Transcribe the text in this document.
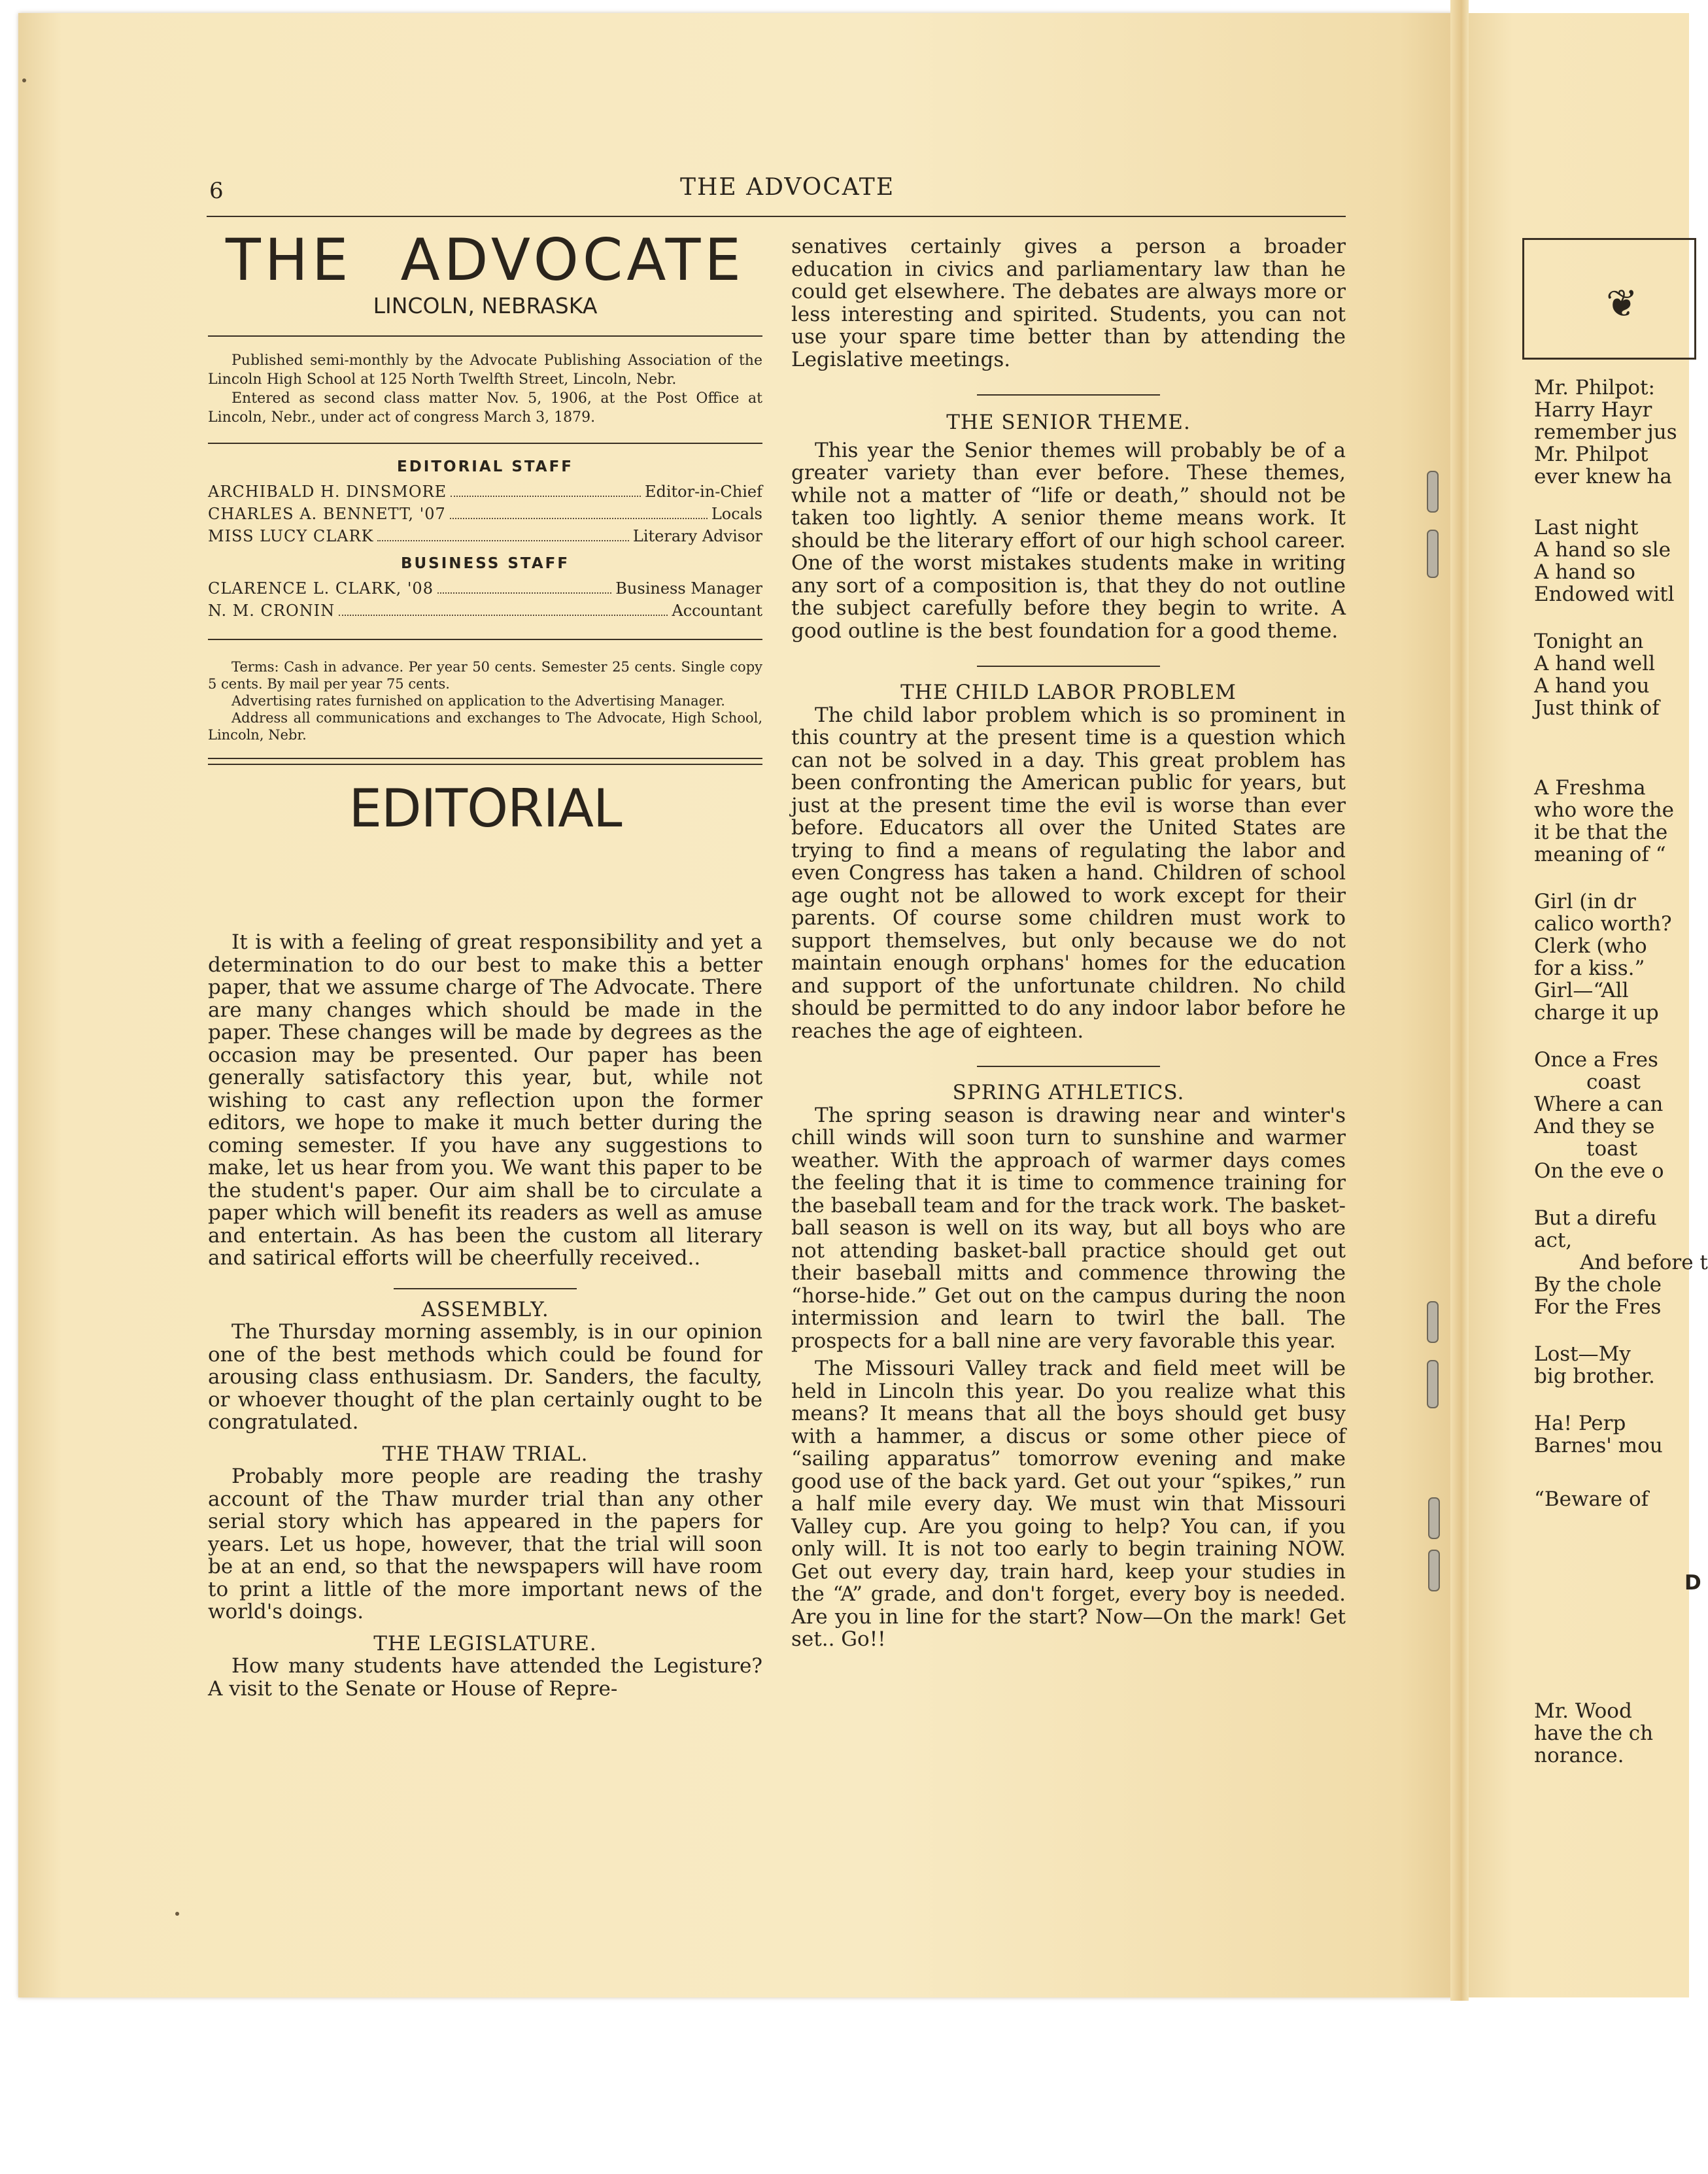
6	THE ADVOCATE
THE ADVOCATE
LINCOLN, NEBRASKA

Published semi-monthly by the Advocate Publishing Association of the Lincoln High School at 125 North Twelfth Street, Lincoln, Nebr.

Entered as second class matter Nov. 5, 1906, at the Post Office at Lincoln, Nebr., under act of congress March 3, 1879.

EDITORIAL STAFF
ARCHIBALD H. DINSMORE	Editor-in-Chief
CHARLES A. BENNETT, '07	Locals
MISS LUCY CLARK	Literary Advisor
BUSINESS STAFF
CLARENCE L. CLARK, '08	Business Manager
N. M. CRONIN	Accountant

Terms: Cash in advance. Per year 50 cents. Semester 25 cents. Single copy 5 cents. By mail per year 75 cents.

Advertising rates furnished on application to the Advertising Manager.

Address all communications and exchanges to The Advocate, High School, Lincoln, Nebr.

EDITORIAL

It is with a feeling of great responsibility and yet a determination to do our best to make this a better paper, that we assume charge of The Advocate. There are many changes which should be made in the paper. These changes will be made by degrees as the occasion may be presented. Our paper has been generally satisfactory this year, but, while not wishing to cast any reflection upon the former editors, we hope to make it much better during the coming semester. If you have any suggestions to make, let us hear from you. We want this paper to be the student's paper. Our aim shall be to circulate a paper which will benefit its readers as well as amuse and entertain. As has been the custom all literary and satirical efforts will be cheerfully received..

ASSEMBLY.

The Thursday morning assembly, is in our opinion one of the best methods which could be found for arousing class enthusiasm. Dr. Sanders, the faculty, or whoever thought of the plan certainly ought to be congratulated.

THE THAW TRIAL.

Probably more people are reading the trashy account of the Thaw murder trial than any other serial story which has appeared in the papers for years. Let us hope, however, that the trial will soon be at an end, so that the newspapers will have room to print a little of the more important news of the world's doings.

THE LEGISLATURE.

How many students have attended the Legisture? A visit to the Senate or House of Repre-

senatives certainly gives a person a broader education in civics and parliamentary law than he could get elsewhere. The debates are always more or less interesting and spirited. Students, you can not use your spare time better than by attending the Legislative meetings.

THE SENIOR THEME.

This year the Senior themes will probably be of a greater variety than ever before. These themes, while not a matter of “life or death,” should not be taken too lightly. A senior theme means work. It should be the literary effort of our high school career. One of the worst mistakes students make in writing any sort of a composition is, that they do not outline the subject carefully before they begin to write. A good outline is the best foundation for a good theme.

THE CHILD LABOR PROBLEM

The child labor problem which is so prominent in this country at the present time is a question which can not be solved in a day. This great problem has been confronting the American public for years, but just at the present time the evil is worse than ever before. Educators all over the United States are trying to find a means of regulating the labor and even Congress has taken a hand. Children of school age ought not be allowed to work except for their parents. Of course some children must work to support themselves, but only because we do not maintain enough orphans' homes for the education and support of the unfortunate children. No child should be permitted to do any indoor labor before he reaches the age of eighteen.

SPRING ATHLETICS.

The spring season is drawing near and winter's chill winds will soon turn to sunshine and warmer weather. With the approach of warmer days comes the feeling that it is time to commence training for the baseball team and for the track work. The basket-ball season is well on its way, but all boys who are not attending basket-ball practice should get out their baseball mitts and commence throwing the “horse-hide.” Get out on the campus during the noon intermission and learn to twirl the ball. The prospects for a ball nine are very favorable this year.

The Missouri Valley track and field meet will be held in Lincoln this year. Do you realize what this means? It means that all the boys should get busy with a hammer, a discus or some other piece of “sailing apparatus” tomorrow evening and make good use of the back yard. Get out your “spikes,” run a half mile every day. We must win that Missouri Valley cup. Are you going to help? You can, if you only will. It is not too early to begin training NOW. Get out every day, train hard, keep your studies in the “A” grade, and don't forget, every boy is needed. Are you in line for the start? Now—On the mark! Get set.. Go!!

❦
Mr. Philpot:
Harry Hayr
remember jus
Mr. Philpot
ever knew ha
Last night
A hand so sle
A hand so
Endowed witl
Tonight an
A hand well
A hand you
Just think of
A Freshma
who wore the
it be that the
meaning of “
Girl (in dr
calico worth?
Clerk (who
for a kiss.”
Girl—“All
charge it up
Once a Fres
coast
Where a can
And they se
toast
On the eve o
But a direfu
act,
And before t
By the chole
For the Fres
Lost—My
big brother.
Ha! Perp
Barnes' mou
“Beware of
D
Mr. Wood
have the ch
norance.
